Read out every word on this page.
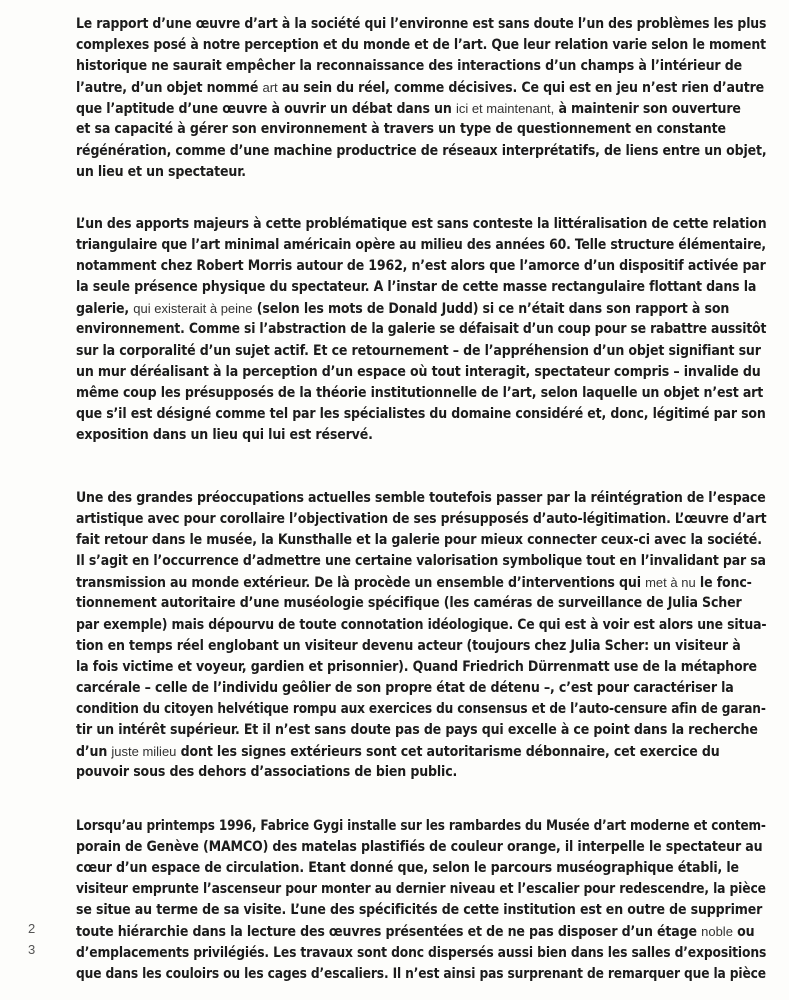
Le rapport d’une œuvre d’art à la société qui l’environne est sans doute l’un des problèmes les plus
complexes posé à notre perception et du monde et de l’art. Que leur relation varie selon le moment
historique ne saurait empêcher la reconnaissance des interactions d’un champs à l’intérieur de
l’autre, d’un objet nommé art au sein du réel, comme décisives. Ce qui est en jeu n’est rien d’autre
que l’aptitude d’une œuvre à ouvrir un débat dans un ici et maintenant, à maintenir son ouverture
et sa capacité à gérer son environnement à travers un type de questionnement en constante
régénération, comme d’une machine productrice de réseaux interprétatifs, de liens entre un objet,
un lieu et un spectateur.
L’un des apports majeurs à cette problématique est sans conteste la littéralisation de cette relation
triangulaire que l’art minimal américain opère au milieu des années 60. Telle structure élémentaire,
notamment chez Robert Morris autour de 1962, n’est alors que l’amorce d’un dispositif activée par
la seule présence physique du spectateur. A l’instar de cette masse rectangulaire flottant dans la
galerie, qui existerait à peine (selon les mots de Donald Judd) si ce n’était dans son rapport à son
environnement. Comme si l’abstraction de la galerie se défaisait d’un coup pour se rabattre aussitôt
sur la corporalité d’un sujet actif. Et ce retournement – de l’appréhension d’un objet signifiant sur
un mur déréalisant à la perception d’un espace où tout interagit, spectateur compris – invalide du
même coup les présupposés de la théorie institutionnelle de l’art, selon laquelle un objet n’est art
que s’il est désigné comme tel par les spécialistes du domaine considéré et, donc, légitimé par son
exposition dans un lieu qui lui est réservé.
Une des grandes préoccupations actuelles semble toutefois passer par la réintégration de l’espace
artistique avec pour corollaire l’objectivation de ses présupposés d’auto-légitimation. L’œuvre d’art
fait retour dans le musée, la Kunsthalle et la galerie pour mieux connecter ceux-ci avec la société.
Il s’agit en l’occurrence d’admettre une certaine valorisation symbolique tout en l’invalidant par sa
transmission au monde extérieur. De là procède un ensemble d’interventions qui met à nu le fonc-
tionnement autoritaire d’une muséologie spécifique (les caméras de surveillance de Julia Scher
par exemple) mais dépourvu de toute connotation idéologique. Ce qui est à voir est alors une situa-
tion en temps réel englobant un visiteur devenu acteur (toujours chez Julia Scher: un visiteur à
la fois victime et voyeur, gardien et prisonnier). Quand Friedrich Dürrenmatt use de la métaphore
carcérale – celle de l’individu geôlier de son propre état de détenu –, c’est pour caractériser la
condition du citoyen helvétique rompu aux exercices du consensus et de l’auto-censure afin de garan-
tir un intérêt supérieur. Et il n’est sans doute pas de pays qui excelle à ce point dans la recherche
d’un juste milieu dont les signes extérieurs sont cet autoritarisme débonnaire, cet exercice du
pouvoir sous des dehors d’associations de bien public.
Lorsqu’au printemps 1996, Fabrice Gygi installe sur les rambardes du Musée d’art moderne et contem-
porain de Genève (MAMCO) des matelas plastifiés de couleur orange, il interpelle le spectateur au
cœur d’un espace de circulation. Etant donné que, selon le parcours muséographique établi, le
visiteur emprunte l’ascenseur pour monter au dernier niveau et l’escalier pour redescendre, la pièce
se situe au terme de sa visite. L’une des spécificités de cette institution est en outre de supprimer
toute hiérarchie dans la lecture des œuvres présentées et de ne pas disposer d’un étage noble ou
d’emplacements privilégiés. Les travaux sont donc dispersés aussi bien dans les salles d’expositions
que dans les couloirs ou les cages d’escaliers. Il n’est ainsi pas surprenant de remarquer que la pièce
2
3
